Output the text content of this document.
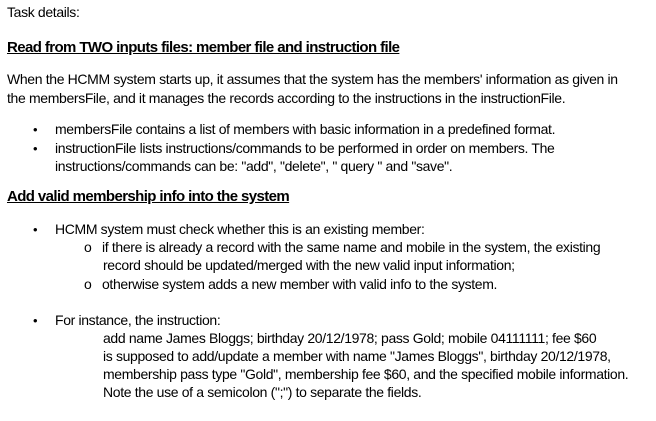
Task details:
Read from TWO inputs files: member file and instruction file
When the HCMM system starts up, it assumes that the system has the members' information as given in
the membersFile, and it manages the records according to the instructions in the instructionFile.
• membersFile contains a list of members with basic information in a predefined format.
• instructionFile lists instructions/commands to be performed in order on members. The
instructions/commands can be: "add", "delete", " query " and "save".
Add valid membership info into the system
• HCMM system must check whether this is an existing member:
o if there is already a record with the same name and mobile in the system, the existing
record should be updated/merged with the new valid input information;
o otherwise system adds a new member with valid info to the system.
• For instance, the instruction:
add name James Bloggs; birthday 20/12/1978; pass Gold; mobile 04111111; fee $60
is supposed to add/update a member with name "James Bloggs", birthday 20/12/1978,
membership pass type "Gold", membership fee $60, and the specified mobile information.
Note the use of a semicolon (";") to separate the fields.
